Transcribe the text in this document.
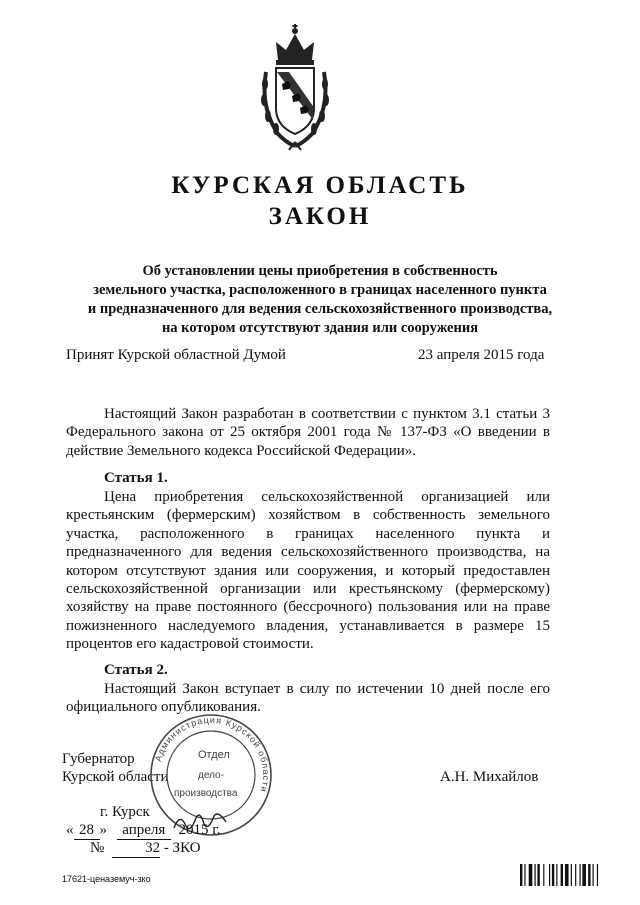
КУРСКАЯ ОБЛАСТЬ
ЗАКОН
Об установлении цены приобретения в собственность
земельного участка, расположенного в границах населенного пункта
и предназначенного для ведения сельскохозяйственного производства,
на котором отсутствуют здания или сооружения
Принят Курской областной Думой	23 апреля 2015 года
Настоящий Закон разработан в соответствии с пунктом 3.1 статьи 3 Федерального закона от 25 октября 2001 года № 137-ФЗ «О введении в действие Земельного кодекса Российской Федерации».
Статья 1.
Цена приобретения сельскохозяйственной организацией или крестьянским (фермерским) хозяйством в собственность земельного участка, расположенного в границах населенного пункта и предназначенного для ведения сельскохозяйственного производства, на котором отсутствуют здания или сооружения, и который предоставлен сельскохозяйственной организации или крестьянскому (фермерскому) хозяйству на праве постоянного (бессрочного) пользования или на праве пожизненного наследуемого владения, устанавливается в размере 15 процентов его кадастровой стоимости.
Статья 2.
Настоящий Закон вступает в силу по истечении 10 дней после его официального опубликования.
Губернатор
Курской области	А.Н. Михайлов
Администрация Курской области
Отдел
дело-
производства
г. Курск
« 28 » апреля 2015 г.
№	32 - ЗКО
17621-ценаземуч-зко
